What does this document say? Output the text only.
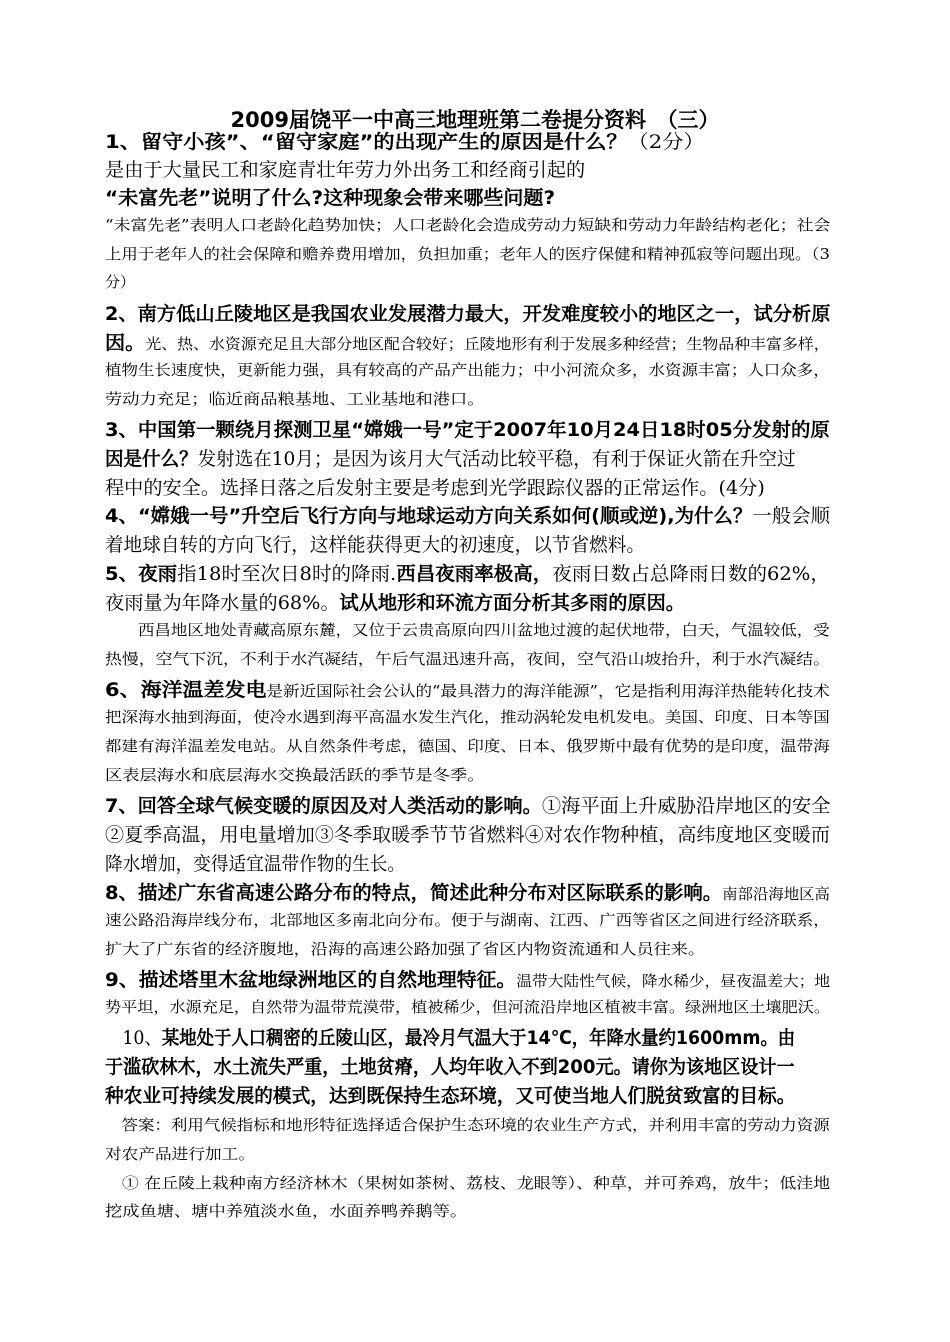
2009届饶平一中高三地理班第二卷提分资料　（三）
1、留守小孩”、“留守家庭”的出现产生的原因是什么？（2分）
是由于大量民工和家庭青壮年劳力外出务工和经商引起的
“未富先老”说明了什么?这种现象会带来哪些问题?
“未富先老”表明人口老龄化趋势加快；人口老龄化会造成劳动力短缺和劳动力年龄结构老化；社会
上用于老年人的社会保障和赡养费用增加，负担加重；老年人的医疗保健和精神孤寂等问题出现。（3
分）
2、南方低山丘陵地区是我国农业发展潜力最大，开发难度较小的地区之一，试分析原
因。光、热、水资源充足且大部分地区配合较好；丘陵地形有利于发展多种经营；生物品种丰富多样，
植物生长速度快，更新能力强，具有较高的产品产出能力；中小河流众多，水资源丰富；人口众多，
劳动力充足；临近商品粮基地、工业基地和港口。
3、中国第一颗绕月探测卫星“嫦娥一号”定于2007年10月24日18时05分发射的原
因是什么？发射选在10月；是因为该月大气活动比较平稳，有利于保证火箭在升空过
程中的安全。选择日落之后发射主要是考虑到光学跟踪仪器的正常运作。(4分)
4、“嫦娥一号”升空后飞行方向与地球运动方向关系如何(顺或逆),为什么？一般会顺
着地球自转的方向飞行，这样能获得更大的初速度，以节省燃料。
5、夜雨指18时至次日8时的降雨.西昌夜雨率极高，夜雨日数占总降雨日数的62%，
夜雨量为年降水量的68%。试从地形和环流方面分析其多雨的原因。
　　西昌地区地处青藏高原东麓，又位于云贵高原向四川盆地过渡的起伏地带，白天，气温较低，受
热慢，空气下沉，不利于水汽凝结，午后气温迅速升高，夜间，空气沿山坡抬升，利于水汽凝结。
6、海洋温差发电是新近国际社会公认的“最具潜力的海洋能源”，它是指利用海洋热能转化技术
把深海水抽到海面，使冷水遇到海平高温水发生汽化，推动涡轮发电机发电。美国、印度、日本等国
都建有海洋温差发电站。从自然条件考虑，德国、印度、日本、俄罗斯中最有优势的是印度，温带海
区表层海水和底层海水交换最活跃的季节是冬季。
7、回答全球气候变暖的原因及对人类活动的影响。①海平面上升威胁沿岸地区的安全
②夏季高温，用电量增加③冬季取暖季节节省燃料④对农作物种植，高纬度地区变暖而
降水增加，变得适宜温带作物的生长。
8、描述广东省高速公路分布的特点，简述此种分布对区际联系的影响。南部沿海地区高
速公路沿海岸线分布，北部地区多南北向分布。便于与湖南、江西、广西等省区之间进行经济联系，
扩大了广东省的经济腹地，沿海的高速公路加强了省区内物资流通和人员往来。
9、描述塔里木盆地绿洲地区的自然地理特征。温带大陆性气候，降水稀少，昼夜温差大；地
势平坦，水源充足，自然带为温带荒漠带，植被稀少，但河流沿岸地区植被丰富。绿洲地区土壤肥沃。
　10、某地处于人口稠密的丘陵山区，最冷月气温大于14℃，年降水量约1600mm。由
于滥砍林木，水土流失严重，土地贫瘠，人均年收入不到200元。请你为该地区设计一
种农业可持续发展的模式，达到既保持生态环境，又可使当地人们脱贫致富的目标。
　答案：利用气候指标和地形特征选择适合保护生态环境的农业生产方式，并利用丰富的劳动力资源
对农产品进行加工。
　① 在丘陵上栽种南方经济林木（果树如茶树、荔枝、龙眼等）、种草，并可养鸡，放牛；低洼地
挖成鱼塘、塘中养殖淡水鱼，水面养鸭养鹅等。
